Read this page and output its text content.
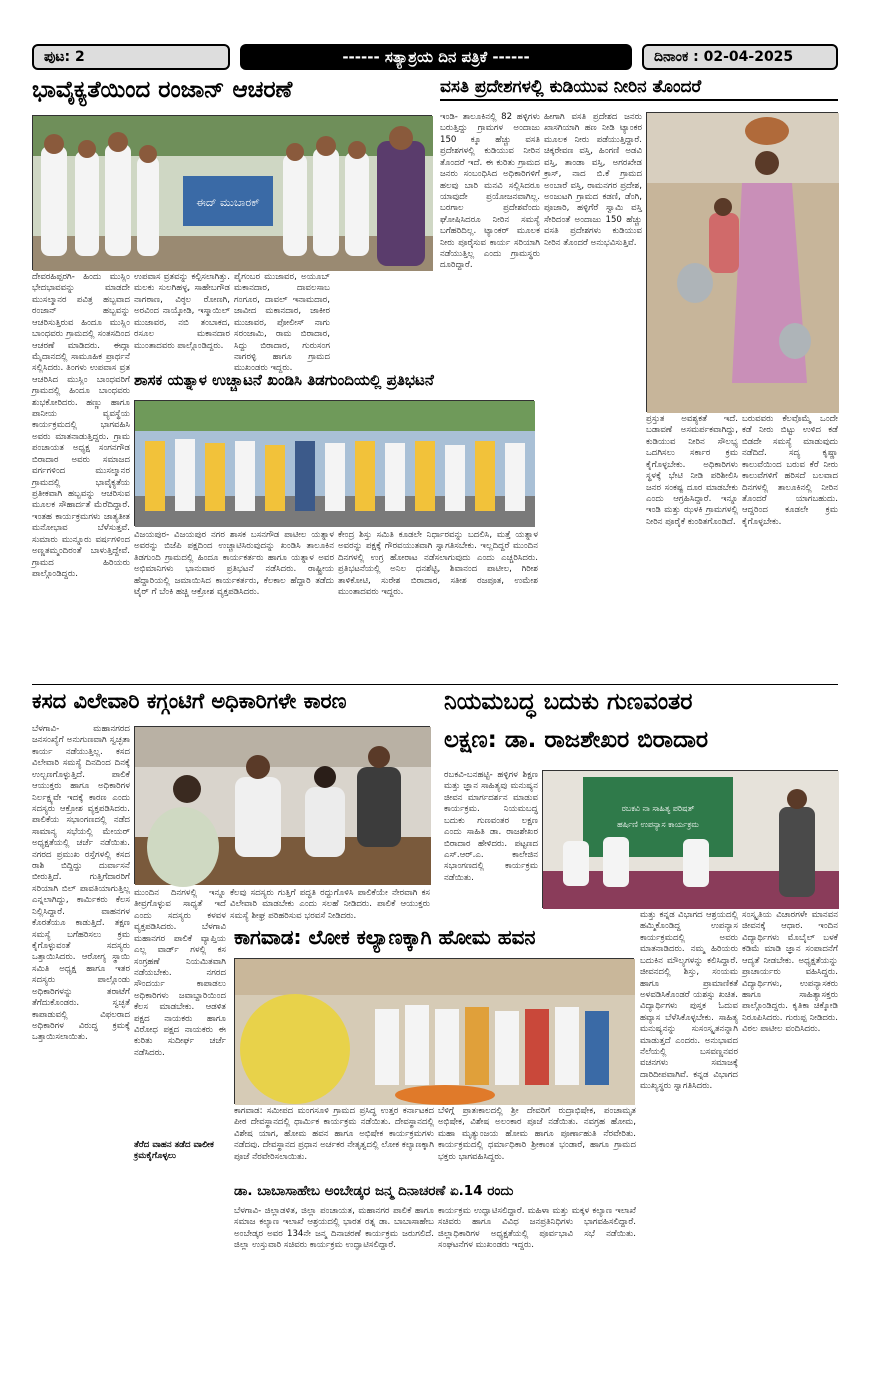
ಪುಟ: 2	------ ಸತ್ಯಾಶ್ರಯ ದಿನ ಪತ್ರಿಕೆ ------	ದಿನಾಂಕ : 02-04-2025
ಭಾವೈಕ್ಯತೆಯಿಂದ ರಂಜಾನ್ ಆಚರಣೆ
ಈದ್ ಮುಬಾರಕ್
ದೇವರಹಿಪ್ಪರಗಿ- ಹಿಂದು ಮುಸ್ಲಿಂ ಭೇದಭಾವವನ್ನು ಮಾಡದೇ ಮುಸಲ್ಮಾನರ ಪವಿತ್ರ ಹಬ್ಬವಾದ ರಂಜಾನ್ ಹಬ್ಬವನ್ನು ಆಚರಿಸುತ್ತಿರುವ ಹಿಂದೂ ಮುಸ್ಲಿಂ ಬಾಂಧವರು ಗ್ರಾಮದಲ್ಲಿ ಸಂತಸದಿಂದ ಆಚರಣೆ ಮಾಡಿದರು. ಈದ್ಗಾ ಮೈದಾನದಲ್ಲಿ ಸಾಮೂಹಿಕ ಪ್ರಾರ್ಥನೆ ಸಲ್ಲಿಸಿದರು. ತಿಂಗಳು ಉಪವಾಸ ವ್ರತ ಆಚರಿಸಿದ ಮುಸ್ಲಿಂ ಬಾಂಧವರಿಗೆ ಗ್ರಾಮದಲ್ಲಿ ಹಿಂದೂ ಬಾಂಧವರು ಶುಭಕೋರಿದರು. ಹಣ್ಣು ಹಾಗೂ ಪಾನೀಯ ವ್ಯವಸ್ಥೆಯ ಕಾರ್ಯಕ್ರಮದಲ್ಲಿ ಭಾಗವಹಿಸಿ ಅವರು ಮಾತನಾಡುತ್ತಿದ್ದರು. ಗ್ರಾಮ ಪಂಚಾಯತ ಅಧ್ಯಕ್ಷ ಸಂಗನಗೌಡ ಬಿರಾದಾರ ಅವರು ಸಮಾಜದ ವರ್ಗಗಳಿಂದ ಮುಸಲ್ಮಾನರ ಗ್ರಾಮದಲ್ಲಿ ಭಾವೈಕ್ಯತೆಯ ಪ್ರತೀಕವಾಗಿ ಹಬ್ಬವನ್ನು ಆಚರಿಸುವ ಮೂಲಕ ಸೌಹಾರ್ದತೆ ಮೆರೆದಿದ್ದಾರೆ. ಇಂತಹ ಕಾರ್ಯಕ್ರಮಗಳು ಜಾತ್ಯತೀತ ಮನೋಭಾವ ಬೆಳೆಸುತ್ತವೆ. ಸುಮಾರು ಮುನ್ನೂರು ವರ್ಷಗಳಿಂದ ಅಣ್ಣತಮ್ಮಂದಿರಂತೆ ಬಾಳುತ್ತಿದ್ದೇವೆ. ಗ್ರಾಮದ ಹಿರಿಯರು ಪಾಲ್ಗೊಂಡಿದ್ದರು.
ಉಪವಾಸ ವ್ರತವನ್ನು ಕಲ್ಪಿಸಲಾಗಿತ್ತು. ಮಲಕು ಸುಲಗಿಹಳ್ಳ, ಸಾಹೇಬಗೌಡ ನಾಗಠಾಣ, ವಿಠ್ಠಲ ರೋಣಗಿ, ಅರವಿಂದ ನಾಯ್ಕೋಡಿ, ಇಸ್ಮಾಯಿಲ್ ಮುಜಾವರ, ನಬಿ ತಂಬಾಕದ, ರಸೂಲ ಮಕಾನದಾರ ಮುಂತಾದವರು ಪಾಲ್ಗೊಂಡಿದ್ದರು.
ಪೈಗಂಬರ ಮುಜಾವರ, ಅಯೂಬ್ ಮಕಾನದಾರ, ದಾವಲಸಾಬ ಗಂಗೂರ, ದಾವಲ್ ಇನಾಮದಾರ, ಜಾವೀದ ಮಕಾನದಾರ, ಜಾಕೀರ ಮುಜಾವರ, ಪೋಲೀಸ್ ನಾಗು ಸರಂಜಾಮಿ, ರಾಮ ಬಿರಾದಾರ, ಸಿದ್ದು ಬಿರಾದಾರ, ಗುರುಸಂಗ ನಾಗರಳ್ಳಿ ಹಾಗೂ ಗ್ರಾಮದ ಮುಖಂಡರು ಇದ್ದರು.
ವಸತಿ ಪ್ರದೇಶಗಳಲ್ಲಿ ಕುಡಿಯುವ ನೀರಿನ ತೊಂದರೆ
ಇಂಡಿ- ತಾಲೂಕಿನಲ್ಲಿ 82 ಹಳ್ಳಿಗಳು ಬರುತ್ತಿದ್ದು ಗ್ರಾಮಗಳ ಅಂದಾಜು 150 ಕ್ಕೂ ಹೆಚ್ಚು ವಸತಿ ಪ್ರದೇಶಗಳಲ್ಲಿ ಕುಡಿಯುವ ನೀರಿನ ತೊಂದರೆ ಇದೆ. ಈ ಕುರಿತು ಗ್ರಾಮದ ಜನರು ಸಂಬಂಧಿಸಿದ ಅಧಿಕಾರಿಗಳಿಗೆ ಹಲವು ಬಾರಿ ಮನವಿ ಸಲ್ಲಿಸಿದರೂ ಯಾವುದೇ ಪ್ರಯೋಜನವಾಗಿಲ್ಲ. ಬರಗಾಲ ಪ್ರದೇಶವೆಂದು ಘೋಷಿಸಿದರೂ ನೀರಿನ ಸಮಸ್ಯೆ ಬಗೆಹರಿದಿಲ್ಲ. ಟ್ಯಾಂಕರ್ ಮೂಲಕ ನೀರು ಪೂರೈಸುವ ಕಾರ್ಯ ಸರಿಯಾಗಿ ನಡೆಯುತ್ತಿಲ್ಲ ಎಂದು ಗ್ರಾಮಸ್ಥರು ದೂರಿದ್ದಾರೆ.
ಹೀಗಾಗಿ ವಸತಿ ಪ್ರದೇಶದ ಜನರು ಖಾಸಗಿಯಾಗಿ ಹಣ ನೀಡಿ ಟ್ಯಾಂಕರ ಮೂಲಕ ನೀರು ಪಡೆಯುತ್ತಿದ್ದಾರೆ. ಚಿಕ್ಕರೇವಣ ವಸ್ತಿ, ಹಿಂಗಣಿ ಅಡವಿ ವಸ್ತಿ, ತಾಂಡಾ ವಸ್ತಿ, ಅಗರಖೇಡ ಕ್ರಾಸ್, ನಾದ ಬಿ.ಕೆ ಗ್ರಾಮದ ಅಂಬಾರೆ ವಸ್ತಿ, ರಾಮನಗರ ಪ್ರದೇಶ, ಅಂಜುಟಗಿ ಗ್ರಾಮದ ಕಡಣಿ, ಡೆಂಗಿ, ಪೂಜಾರಿ, ಹಳ್ಳಿಗೆರೆ ಸ್ವಾಮಿ ವಸ್ತಿ ಸೇರಿದಂತೆ ಅಂದಾಜು 150 ಹೆಚ್ಚು ವಸತಿ ಪ್ರದೇಶಗಳು ಕುಡಿಯುವ ನೀರಿನ ತೊಂದರೆ ಅನುಭವಿಸುತ್ತಿವೆ.
ಪ್ರಸ್ತುತ ಅವಶ್ಯಕತೆ ಇದೆ. ಬಡಾವಣೆ ಅಸಮರ್ಪಕವಾಗಿದ್ದು, ಕುಡಿಯುವ ನೀರಿನ ಸೌಲಭ್ಯ ಒದಗಿಸಲು ಸರ್ಕಾರ ಕ್ರಮ ಕೈಗೊಳ್ಳಬೇಕು. ಅಧಿಕಾರಿಗಳು ಸ್ಥಳಕ್ಕೆ ಭೇಟಿ ನೀಡಿ ಪರಿಶೀಲಿಸಿ ಜನರ ಸಂಕಷ್ಟ ದೂರ ಮಾಡಬೇಕು ಎಂದು ಆಗ್ರಹಿಸಿದ್ದಾರೆ. ಇನ್ನೂ ಇಂಡಿ ಮತ್ತು ಝಳಕಿ ಗ್ರಾಮಗಳಲ್ಲಿ ನೀರಿನ ಪೂರೈಕೆ ಕುಂಠಿತಗೊಂಡಿದೆ.
ಬರುವವರು ಕೆಲವೊಮ್ಮೆ ಒಂದೇ ಕಡೆ ನೀರು ಬಿಟ್ಟು ಉಳಿದ ಕಡೆ ಬಿಡದೇ ಸಮಸ್ಯೆ ಮಾಡುವುದು ನಡೆದಿದೆ. ಸದ್ಯ ಕೃಷ್ಣಾ ಕಾಲುವೆಯಿಂದ ಬರುವ ಕೆರೆ ನೀರು ಕಾಲುವೆಗಳಿಗೆ ಹರಿಸದೆ ಬಲವಾದ ದಿನಗಳಲ್ಲಿ ತಾಲೂಕಿನಲ್ಲಿ ನೀರಿನ ತೊಂದರೆ ಯಾಗಬಹುದು. ಆದ್ದರಿಂದ ಕೂಡಲೇ ಕ್ರಮ ಕೈಗೊಳ್ಳಬೇಕು.
ಶಾಸಕ ಯತ್ನಾಳ ಉಚ್ಚಾಟನೆ ಖಂಡಿಸಿ ತಿಡಗುಂದಿಯಲ್ಲಿ ಪ್ರತಿಭಟನೆ
ವಿಜಯಪುರ- ವಿಜಯಪುರ ನಗರ ಶಾಸಕ ಬಸನಗೌಡ ಪಾಟೀಲ ಯತ್ನಾಳ ಅವರನ್ನು ಬಿಜೆಪಿ ಪಕ್ಷದಿಂದ ಉಚ್ಚಾಟಿಸಿರುವುದನ್ನು ಖಂಡಿಸಿ ತಾಲೂಕಿನ ತಿಡಗುಂದಿ ಗ್ರಾಮದಲ್ಲಿ ಹಿಂದೂ ಕಾರ್ಯಕರ್ತರು ಹಾಗೂ ಯತ್ನಾಳ ಅವರ ಅಭಿಮಾನಿಗಳು ಭಾನುವಾರ ಪ್ರತಿಭಟನೆ ನಡೆಸಿದರು. ರಾಷ್ಟ್ರೀಯ ಹೆದ್ದಾರಿಯಲ್ಲಿ ಜಮಾಯಿಸಿದ ಕಾರ್ಯಕರ್ತರು, ಕೆಲಕಾಲ ಹೆದ್ದಾರಿ ತಡೆದು ಟೈರ್ ಗೆ ಬೆಂಕಿ ಹಚ್ಚಿ ಆಕ್ರೋಶ ವ್ಯಕ್ತಪಡಿಸಿದರು.
ಕೇಂದ್ರ ಶಿಸ್ತು ಸಮಿತಿ ಕೂಡಲೇ ನಿರ್ಧಾರವನ್ನು ಬದಲಿಸಿ, ಮತ್ತೆ ಯತ್ನಾಳ ಅವರನ್ನು ಪಕ್ಷಕ್ಕೆ ಗೌರವಯುತವಾಗಿ ಸ್ವಾಗತಿಸಬೇಕು. ಇಲ್ಲದಿದ್ದರೆ ಮುಂದಿನ ದಿನಗಳಲ್ಲಿ ಉಗ್ರ ಹೋರಾಟ ನಡೆಸಲಾಗುವುದು ಎಂದು ಎಚ್ಚರಿಸಿದರು. ಪ್ರತಿಭಟನೆಯಲ್ಲಿ ಅನಿಲ ಧನಶೆಟ್ಟಿ, ಶಿವಾನಂದ ಪಾಟೀಲ, ಗಿರೀಶ ತಾಳಿಕೋಟಿ, ಸುರೇಶ ಬಿರಾದಾರ, ಸತೀಶ ರಜಪೂತ, ಉಮೇಶ ಮುಂತಾದವರು ಇದ್ದರು.
ಕಸದ ವಿಲೇವಾರಿ ಕಗ್ಗಂಟಿಗೆ ಅಧಿಕಾರಿಗಳೇ ಕಾರಣ
ಬೆಳಗಾವಿ- ಮಹಾನಗರದ ಜನಸಂಖ್ಯೆಗೆ ಅನುಗುಣವಾಗಿ ಸ್ವಚ್ಛತಾ ಕಾರ್ಯ ನಡೆಯುತ್ತಿಲ್ಲ. ಕಸದ ವಿಲೇವಾರಿ ಸಮಸ್ಯೆ ದಿನದಿಂದ ದಿನಕ್ಕೆ ಉಲ್ಬಣಗೊಳ್ಳುತ್ತಿದೆ. ಪಾಲಿಕೆ ಆಯುಕ್ತರು ಹಾಗೂ ಅಧಿಕಾರಿಗಳ ನಿರ್ಲಕ್ಷ್ಯವೇ ಇದಕ್ಕೆ ಕಾರಣ ಎಂದು ಸದಸ್ಯರು ಆಕ್ರೋಶ ವ್ಯಕ್ತಪಡಿಸಿದರು. ಪಾಲಿಕೆಯ ಸಭಾಂಗಣದಲ್ಲಿ ನಡೆದ ಸಾಮಾನ್ಯ ಸಭೆಯಲ್ಲಿ ಮೇಯರ್ ಅಧ್ಯಕ್ಷತೆಯಲ್ಲಿ ಚರ್ಚೆ ನಡೆಯಿತು. ನಗರದ ಪ್ರಮುಖ ರಸ್ತೆಗಳಲ್ಲಿ ಕಸದ ರಾಶಿ ಬಿದ್ದಿದ್ದು ದುರ್ವಾಸನೆ ಬೀರುತ್ತಿದೆ. ಗುತ್ತಿಗೆದಾರರಿಗೆ ಸರಿಯಾಗಿ ಬಿಲ್ ಪಾವತಿಯಾಗುತ್ತಿಲ್ಲ ಎನ್ನಲಾಗಿದ್ದು, ಕಾರ್ಮಿಕರು ಕೆಲಸ ನಿಲ್ಲಿಸಿದ್ದಾರೆ. ವಾಹನಗಳ ಕೊರತೆಯೂ ಕಾಡುತ್ತಿದೆ. ತಕ್ಷಣ ಸಮಸ್ಯೆ ಬಗೆಹರಿಸಲು ಕ್ರಮ ಕೈಗೊಳ್ಳುವಂತೆ ಸದಸ್ಯರು ಒತ್ತಾಯಿಸಿದರು. ಆರೋಗ್ಯ ಸ್ಥಾಯಿ ಸಮಿತಿ ಅಧ್ಯಕ್ಷ ಹಾಗೂ ಇತರ ಸದಸ್ಯರು ಪಾಲ್ಗೊಂಡು ಅಧಿಕಾರಿಗಳನ್ನು ತರಾಟೆಗೆ ತೆಗೆದುಕೊಂಡರು. ಸ್ವಚ್ಛತೆ ಕಾಪಾಡುವಲ್ಲಿ ವಿಫಲರಾದ ಅಧಿಕಾರಿಗಳ ವಿರುದ್ಧ ಕ್ರಮಕ್ಕೆ ಒತ್ತಾಯಿಸಲಾಯಿತು.
ಮುಂದಿನ ದಿನಗಳಲ್ಲಿ ಇನ್ನೂ ತೀವ್ರಗೊಳ್ಳುವ ಸಾಧ್ಯತೆ ಇದೆ ಎಂದು ಸದಸ್ಯರು ಕಳವಳ ವ್ಯಕ್ತಪಡಿಸಿದರು. ಬೆಳಗಾವಿ ಮಹಾನಗರ ಪಾಲಿಕೆ ವ್ಯಾಪ್ತಿಯ ಎಲ್ಲ ವಾರ್ಡ್ ಗಳಲ್ಲಿ ಕಸ ಸಂಗ್ರಹಣೆ ನಿಯಮಿತವಾಗಿ ನಡೆಯಬೇಕು. ನಗರದ ಸೌಂದರ್ಯ ಕಾಪಾಡಲು ಅಧಿಕಾರಿಗಳು ಜವಾಬ್ದಾರಿಯಿಂದ ಕೆಲಸ ಮಾಡಬೇಕು. ಆಡಳಿತ ಪಕ್ಷದ ನಾಯಕರು ಹಾಗೂ ವಿರೋಧ ಪಕ್ಷದ ನಾಯಕರು ಈ ಕುರಿತು ಸುದೀರ್ಘ ಚರ್ಚೆ ನಡೆಸಿದರು.
ಕೆಲವು ಸದಸ್ಯರು ಗುತ್ತಿಗೆ ಪದ್ಧತಿ ರದ್ದುಗೊಳಿಸಿ ಪಾಲಿಕೆಯೇ ನೇರವಾಗಿ ಕಸ ವಿಲೇವಾರಿ ಮಾಡಬೇಕು ಎಂದು ಸಲಹೆ ನೀಡಿದರು. ಪಾಲಿಕೆ ಆಯುಕ್ತರು ಸಮಸ್ಯೆ ಶೀಘ್ರ ಪರಿಹರಿಸುವ ಭರವಸೆ ನೀಡಿದರು.
ತೆರೆದ ವಾಹನ ತಡೆದ ವಾಲೀಕ ಕ್ರಮಕೈಗೊಳ್ಳಲು
ನಿಯಮಬದ್ಧ ಬದುಕು ಗುಣವಂತರ
ಲಕ್ಷಣ: ಡಾ. ರಾಜಶೇಖರ ಬಿರಾದಾರ
ರಬಕವಿ-ಬನಹಟ್ಟಿ- ಹಳ್ಳಿಗಳ ಶಿಕ್ಷಣ ಮತ್ತು ಜ್ಞಾನ ಸಾಹಿತ್ಯವು ಮನುಷ್ಯನ ಜೀವನ ಮಾರ್ಗದರ್ಶನ ಮಾಡುವ ಕಾರ್ಯಕ್ರಮ. ನಿಯಮಬದ್ಧ ಬದುಕು ಗುಣವಂತರ ಲಕ್ಷಣ ಎಂದು ಸಾಹಿತಿ ಡಾ. ರಾಜಶೇಖರ ಬಿರಾದಾರ ಹೇಳಿದರು. ಪಟ್ಟಣದ ಎಸ್.ಆರ್.ಎ. ಕಾಲೇಜಿನ ಸಭಾಂಗಣದಲ್ಲಿ ಕಾರ್ಯಕ್ರಮ ನಡೆಯಿತು.
ರಬಕವಿ ನಾ ಸಾಹಿತ್ಯ ಪರಿಷತ್
ಹರ್ಷಿಣಿ ಉಪನ್ಯಾಸ ಕಾರ್ಯಕ್ರಮ
ಮತ್ತು ಕನ್ನಡ ವಿಭಾಗದ ಆಶ್ರಯದಲ್ಲಿ ಹಮ್ಮಿಕೊಂಡಿದ್ದ ಉಪನ್ಯಾಸ ಕಾರ್ಯಕ್ರಮದಲ್ಲಿ ಅವರು ಮಾತನಾಡಿದರು. ನಮ್ಮ ಹಿರಿಯರು ಬದುಕಿನ ಮೌಲ್ಯಗಳನ್ನು ಕಲಿಸಿದ್ದಾರೆ. ಜೀವನದಲ್ಲಿ ಶಿಸ್ತು, ಸಂಯಮ ಹಾಗೂ ಪ್ರಾಮಾಣಿಕತೆ ಅಳವಡಿಸಿಕೊಂಡರೆ ಯಶಸ್ಸು ಖಚಿತ. ವಿದ್ಯಾರ್ಥಿಗಳು ಪುಸ್ತಕ ಓದುವ ಹವ್ಯಾಸ ಬೆಳೆಸಿಕೊಳ್ಳಬೇಕು. ಸಾಹಿತ್ಯ ಮನುಷ್ಯನನ್ನು ಸುಸಂಸ್ಕೃತನನ್ನಾಗಿ ಮಾಡುತ್ತದೆ ಎಂದರು. ಅನುಭಾವದ ನೆಲೆಯಲ್ಲಿ ಬಸವಣ್ಣನವರ ವಚನಗಳು ಸಮಾಜಕ್ಕೆ ದಾರಿದೀಪವಾಗಿವೆ. ಕನ್ನಡ ವಿಭಾಗದ ಮುಖ್ಯಸ್ಥರು ಸ್ವಾಗತಿಸಿದರು.
ಸಂಸ್ಕೃತಿಯ ವಿಚಾರಗಳೇ ಮಾನವನ ಜೀವನಕ್ಕೆ ಆಧಾರ. ಇಂದಿನ ವಿದ್ಯಾರ್ಥಿಗಳು ಮೊಬೈಲ್ ಬಳಕೆ ಕಡಿಮೆ ಮಾಡಿ ಜ್ಞಾನ ಸಂಪಾದನೆಗೆ ಆದ್ಯತೆ ನೀಡಬೇಕು. ಅಧ್ಯಕ್ಷತೆಯನ್ನು ಪ್ರಾಚಾರ್ಯರು ವಹಿಸಿದ್ದರು. ವಿದ್ಯಾರ್ಥಿಗಳು, ಉಪನ್ಯಾಸಕರು ಹಾಗೂ ಸಾಹಿತ್ಯಾಸಕ್ತರು ಪಾಲ್ಗೊಂಡಿದ್ದರು. ಕೃತಿಕಾ ಚಿಕ್ಕೋಡಿ ನಿರೂಪಿಸಿದರು. ಗುರುಪ್ಪ ನೀಡಿದರು. ವಿಠಲ ಪಾಟೀಲ ವಂದಿಸಿದರು.
ಕಾಗವಾಡ: ಲೋಕ ಕಲ್ಯಾಣಕ್ಕಾಗಿ ಹೋಮ ಹವನ
ಕಾಗವಾಡ: ಸಮೀಪದ ಮಂಗಸೂಳಿ ಗ್ರಾಮದ ಪ್ರಸಿದ್ಧ ಉತ್ತರ ಕರ್ನಾಟಕದ ಪೀಠ ದೇವಸ್ಥಾನದಲ್ಲಿ ಧಾರ್ಮಿಕ ಕಾರ್ಯಕ್ರಮ ನಡೆಯಿತು. ದೇವಸ್ಥಾನದಲ್ಲಿ ವಿಶೇಷ ಯಾಗ, ಹೋಮ ಹವನ ಹಾಗೂ ಅಭಿಷೇಕ ಕಾರ್ಯಕ್ರಮಗಳು ನಡೆದವು. ದೇವಸ್ಥಾನದ ಪ್ರಧಾನ ಅರ್ಚಕರ ನೇತೃತ್ವದಲ್ಲಿ ಲೋಕ ಕಲ್ಯಾಣಕ್ಕಾಗಿ ಪೂಜೆ ನೆರವೇರಿಸಲಾಯಿತು.
ಬೆಳಿಗ್ಗೆ ಪ್ರಾತಃಕಾಲದಲ್ಲಿ ಶ್ರೀ ದೇವರಿಗೆ ರುದ್ರಾಭಿಷೇಕ, ಪಂಚಾಮೃತ ಅಭಿಷೇಕ, ವಿಶೇಷ ಅಲಂಕಾರ ಪೂಜೆ ನಡೆಯಿತು. ನವಗ್ರಹ ಹೋಮ, ಮಹಾ ಮೃತ್ಯುಂಜಯ ಹೋಮ ಹಾಗೂ ಪೂರ್ಣಾಹುತಿ ನೆರವೇರಿತು. ಕಾರ್ಯಕ್ರಮದಲ್ಲಿ ಧರ್ಮಾಧಿಕಾರಿ ಶ್ರೀಕಾಂತ ಭಂಡಾರೆ, ಹಾಗೂ ಗ್ರಾಮದ ಭಕ್ತರು ಭಾಗವಹಿಸಿದ್ದರು.
ಡಾ. ಬಾಬಾಸಾಹೇಬ ಅಂಬೇಡ್ಕರ ಜನ್ಮ ದಿನಾಚರಣೆ ಏ.14 ರಂದು
ಬೆಳಗಾವಿ- ಜಿಲ್ಲಾಡಳಿತ, ಜಿಲ್ಲಾ ಪಂಚಾಯತ, ಮಹಾನಗರ ಪಾಲಿಕೆ ಹಾಗೂ ಸಮಾಜ ಕಲ್ಯಾಣ ಇಲಾಖೆ ಆಶ್ರಯದಲ್ಲಿ ಭಾರತ ರತ್ನ ಡಾ. ಬಾಬಾಸಾಹೇಬ ಅಂಬೇಡ್ಕರ ಅವರ 134ನೇ ಜನ್ಮ ದಿನಾಚರಣೆ ಕಾರ್ಯಕ್ರಮ ಜರುಗಲಿದೆ. ಜಿಲ್ಲಾ ಉಸ್ತುವಾರಿ ಸಚಿವರು ಕಾರ್ಯಕ್ರಮ ಉದ್ಘಾಟಿಸಲಿದ್ದಾರೆ.
ಕಾರ್ಯಕ್ರಮ ಉದ್ಘಾಟಿಸಲಿದ್ದಾರೆ. ಮಹಿಳಾ ಮತ್ತು ಮಕ್ಕಳ ಕಲ್ಯಾಣ ಇಲಾಖೆ ಸಚಿವರು ಹಾಗೂ ವಿವಿಧ ಜನಪ್ರತಿನಿಧಿಗಳು ಭಾಗವಹಿಸಲಿದ್ದಾರೆ. ಜಿಲ್ಲಾಧಿಕಾರಿಗಳ ಅಧ್ಯಕ್ಷತೆಯಲ್ಲಿ ಪೂರ್ವಭಾವಿ ಸಭೆ ನಡೆಯಿತು. ಸಂಘಟನೆಗಳ ಮುಖಂಡರು ಇದ್ದರು.
